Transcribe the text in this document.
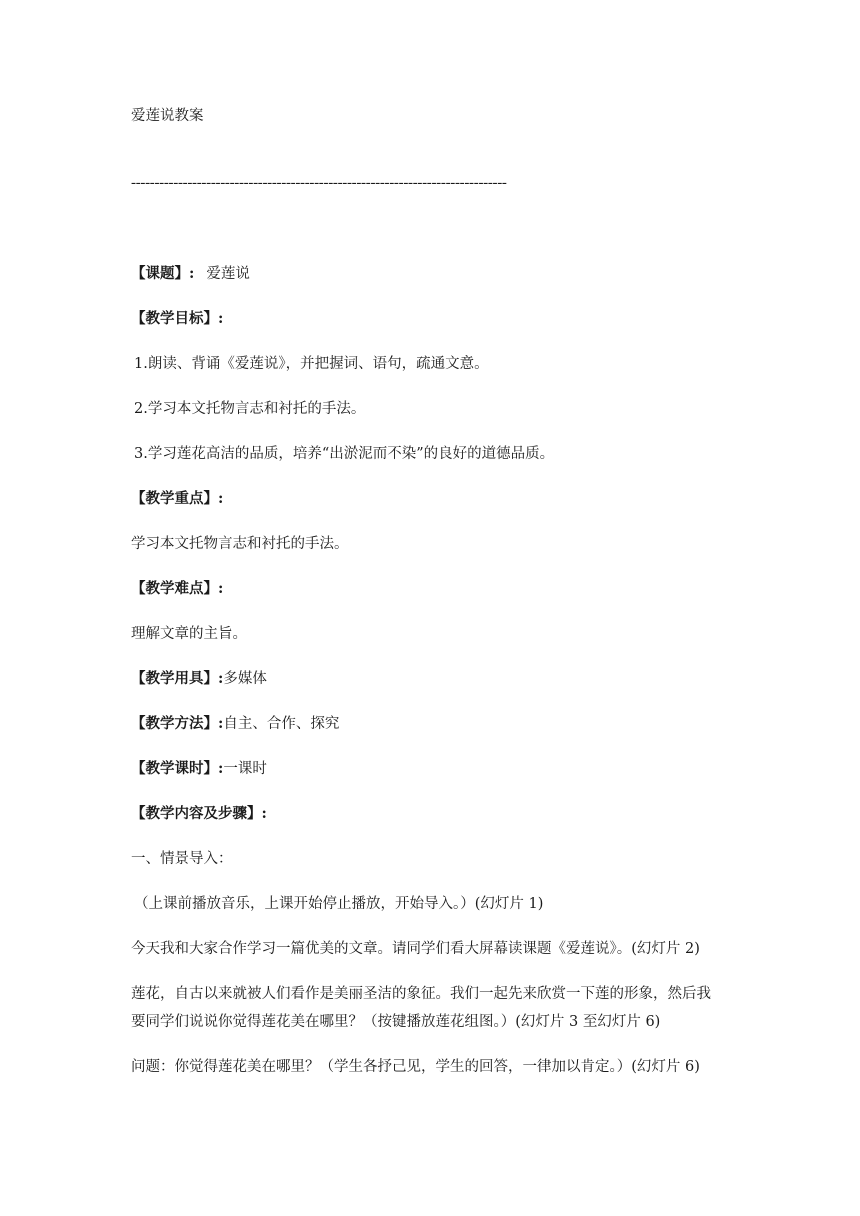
爱莲说教案
--------------------------------------------------------------------------------
【课题】: 爱莲说
【教学目标】:
1.朗读、背诵《爱莲说》，并把握词、语句，疏通文意。
2.学习本文托物言志和衬托的手法。
3.学习莲花高洁的品质，培养“出淤泥而不染”的良好的道德品质。
【教学重点】:
学习本文托物言志和衬托的手法。
【教学难点】:
理解文章的主旨。
【教学用具】:多媒体
【教学方法】:自主、合作、探究
【教学课时】:一课时
【教学内容及步骤】:
一、情景导入：
（上课前播放音乐，上课开始停止播放，开始导入。）(幻灯片 1)
今天我和大家合作学习一篇优美的文章。请同学们看大屏幕读课题《爱莲说》。(幻灯片 2)
莲花，自古以来就被人们看作是美丽圣洁的象征。我们一起先来欣赏一下莲的形象，然后我
要同学们说说你觉得莲花美在哪里？（按键播放莲花组图。）(幻灯片 3 至幻灯片 6)
问题：你觉得莲花美在哪里？（学生各抒己见，学生的回答，一律加以肯定。）(幻灯片 6)
